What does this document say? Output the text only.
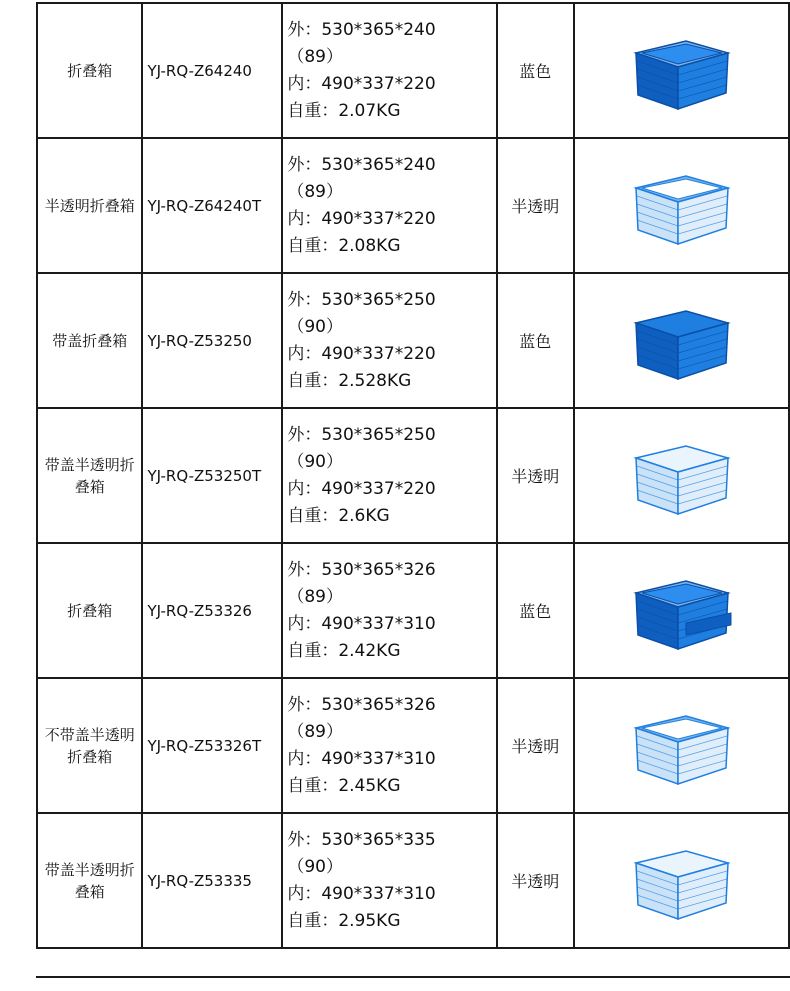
折叠箱	YJ-RQ-Z64240	外：530*365*240
（89）
内：490*337*220
自重：2.07KG	蓝色	

半透明折叠箱	YJ-RQ-Z64240T	外：530*365*240
（89）
内：490*337*220
自重：2.08KG	半透明	

带盖折叠箱	YJ-RQ-Z53250	外：530*365*250
（90）
内：490*337*220
自重：2.528KG	蓝色	

带盖半透明折叠箱	YJ-RQ-Z53250T	外：530*365*250
（90）
内：490*337*220
自重：2.6KG	半透明	

折叠箱	YJ-RQ-Z53326	外：530*365*326
（89）
内：490*337*310
自重：2.42KG	蓝色	

不带盖半透明折叠箱	YJ-RQ-Z53326T	外：530*365*326
（89）
内：490*337*310
自重：2.45KG	半透明	

带盖半透明折叠箱	YJ-RQ-Z53335	外：530*365*335
（90）
内：490*337*310
自重：2.95KG	半透明	
